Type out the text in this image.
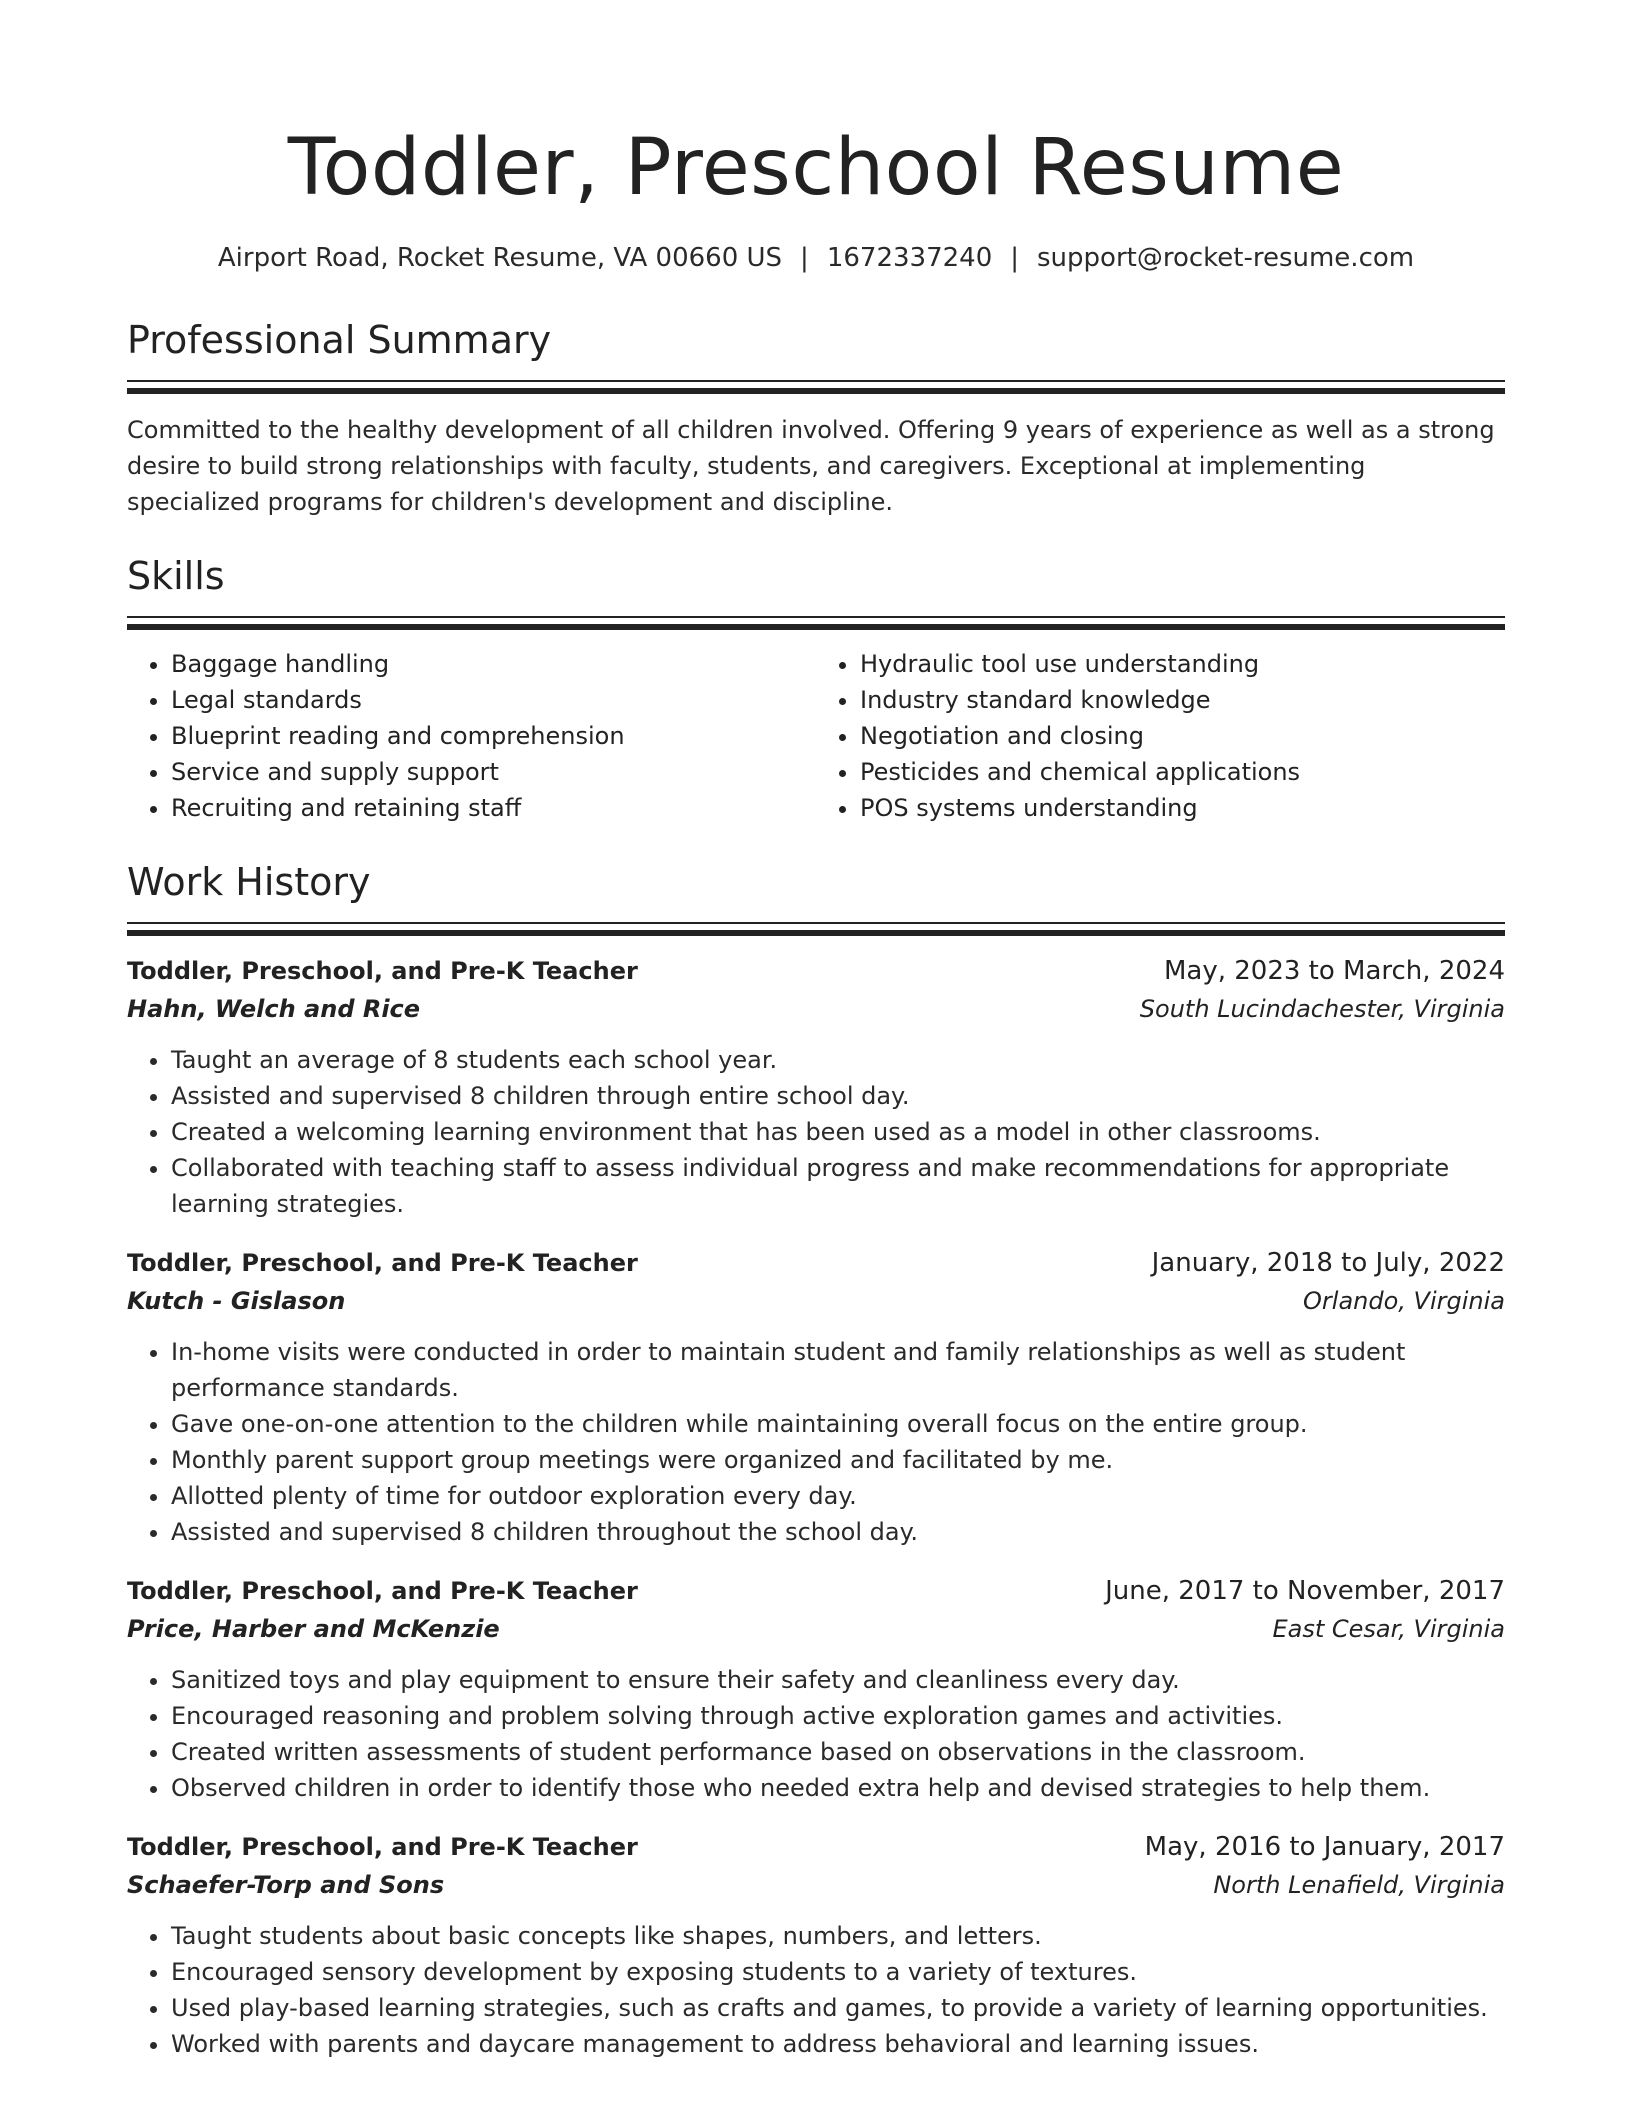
Toddler, Preschool Resume
Airport Road, Rocket Resume, VA 00660 US | 1672337240 | support@rocket-resume.com
Professional Summary
Committed to the healthy development of all children involved. Offering 9 years of experience as well as a strong desire to build strong relationships with faculty, students, and caregivers. Exceptional at implementing specialized programs for children's development and discipline.
Skills
• Baggage handling
• Legal standards
• Blueprint reading and comprehension
• Service and supply support
• Recruiting and retaining staff
• Hydraulic tool use understanding
• Industry standard knowledge
• Negotiation and closing
• Pesticides and chemical applications
• POS systems understanding
Work History
Toddler, Preschool, and Pre-K Teacher	May, 2023 to March, 2024
Hahn, Welch and Rice	South Lucindachester, Virginia
• Taught an average of 8 students each school year.
• Assisted and supervised 8 children through entire school day.
• Created a welcoming learning environment that has been used as a model in other classrooms.
• Collaborated with teaching staff to assess individual progress and make recommendations for appropriate learning strategies.
Toddler, Preschool, and Pre-K Teacher	January, 2018 to July, 2022
Kutch - Gislason	Orlando, Virginia
• In-home visits were conducted in order to maintain student and family relationships as well as student performance standards.
• Gave one-on-one attention to the children while maintaining overall focus on the entire group.
• Monthly parent support group meetings were organized and facilitated by me.
• Allotted plenty of time for outdoor exploration every day.
• Assisted and supervised 8 children throughout the school day.
Toddler, Preschool, and Pre-K Teacher	June, 2017 to November, 2017
Price, Harber and McKenzie	East Cesar, Virginia
• Sanitized toys and play equipment to ensure their safety and cleanliness every day.
• Encouraged reasoning and problem solving through active exploration games and activities.
• Created written assessments of student performance based on observations in the classroom.
• Observed children in order to identify those who needed extra help and devised strategies to help them.
Toddler, Preschool, and Pre-K Teacher	May, 2016 to January, 2017
Schaefer-Torp and Sons	North Lenafield, Virginia
• Taught students about basic concepts like shapes, numbers, and letters.
• Encouraged sensory development by exposing students to a variety of textures.
• Used play-based learning strategies, such as crafts and games, to provide a variety of learning opportunities.
• Worked with parents and daycare management to address behavioral and learning issues.
